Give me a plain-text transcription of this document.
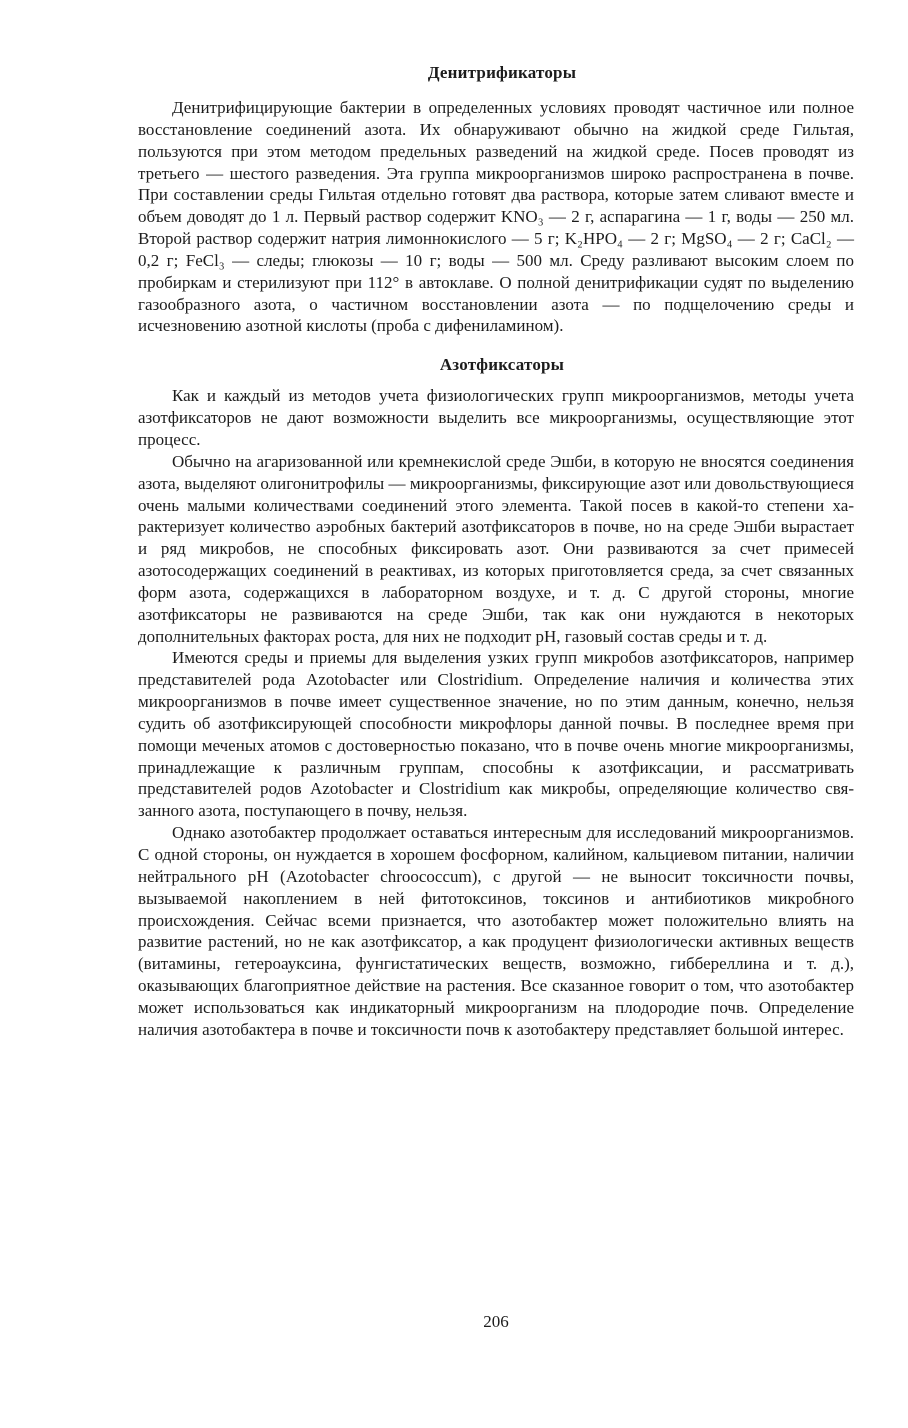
Денитрификаторы

Денитрифицирующие бактерии в определенных условиях проводят частичное или полное восстановление соединений азота. Их обнаруживают обычно на жидкой среде Гильтая, пользуются при этом методом предельных разведений на жидкой среде. Посев проводят из третьего — шестого разведения. Эта группа микроорганизмов широко распространена в почве. При составлении среды Гильтая отдельно готовят два раствора, которые затем сливают вместе и объем доводят до 1 л. Первый раствор содержит KNO₃ — 2 г, аспарагина — 1 г, воды — 250 мл. Второй раствор содержит натрия лимоннокислого — 5 г; K₂HPO₄ — 2 г; MgSO₄ — 2 г; CaCl₂ — 0,2 г; FeCl₃ — следы; глюкозы — 10 г; воды — 500 мл. Среду разливают высоким слоем по пробиркам и стерилизуют при 112° в автоклаве. О полной денитрификации судят по выделению газообразного азота, о частичном восстановлении азота — по подщелочению среды и исчезновению азотной кислоты (проба с дифениламином).

Азотфиксаторы

Как и каждый из методов учета физиологических групп микроорганизмов, методы учета азотфиксаторов не дают возможности выделить все микроорганизмы, осуществляющие этот процесс.

Обычно на агаризованной или кремнекислой среде Эшби, в которую не вносятся соединения азота, выделяют олигонитрофилы — микроорганизмы, фиксирующие азот или довольствующиеся очень малыми количествами соединений этого элемента. Такой посев в какой-то степени характеризует количество аэробных бактерий азотфиксаторов в почве, но на среде Эшби вырастает и ряд микробов, не способных фиксировать азот. Они развиваются за счет примесей азотосодержащих соединений в реактивах, из которых приготовляется среда, за счет связанных форм азота, содержащихся в лабораторном воздухе, и т. д. С другой стороны, многие азотфиксаторы не развиваются на среде Эшби, так как они нуждаются в некоторых дополнительных факторах роста, для них не подходит pH, газовый состав среды и т. д.

Имеются среды и приемы для выделения узких групп микробов азотфиксаторов, например представителей рода Azotobacter или Clostridium. Определение наличия и количества этих микроорганизмов в почве имеет существенное значение, но по этим данным, конечно, нельзя судить об азотфиксирующей способности микрофлоры данной почвы. В последнее время при помощи меченых атомов с достоверностью показано, что в почве очень многие микроорганизмы, принадлежащие к различным группам, способны к азотфиксации, и рассматривать представителей родов Azotobacter и Clostridium как микробы, определяющие количество связанного азота, поступающего в почву, нельзя.

Однако азотобактер продолжает оставаться интересным для исследований микроорганизмов. С одной стороны, он нуждается в хорошем фосфорном, калийном, кальциевом питании, наличии нейтрального pH (Azotobacter chroococcum), с другой — не выносит токсичности почвы, вызываемой накоплением в ней фитотоксинов, токсинов и антибиотиков микробного происхождения. Сейчас всеми признается, что азотобактер может положительно влиять на развитие растений, но не как азотфиксатор, а как продуцент физиологически активных веществ (витамины, гетероауксина, фунгистатических веществ, возможно, гиббереллина и т. д.), оказывающих благоприятное действие на растения. Все сказанное говорит о том, что азотобактер может использоваться как индикаторный микроорганизм на плодородие почв. Определение наличия азотобактера в почве и токсичности почв к азотобактеру представляет большой интерес.

206
